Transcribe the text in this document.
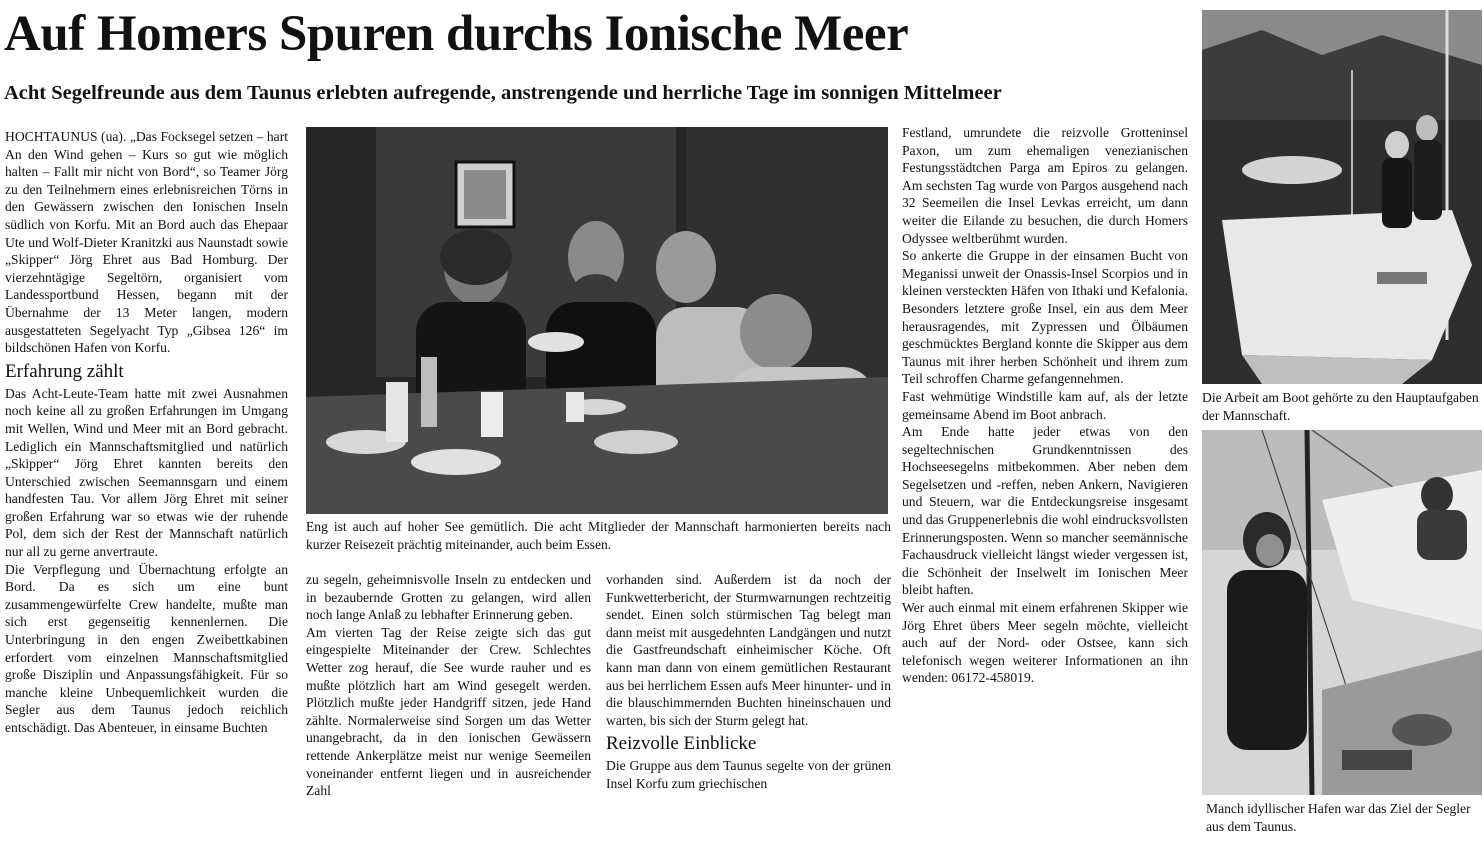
Auf Homers Spuren durchs Ionische Meer
Acht Segelfreunde aus dem Taunus erlebten aufregende, anstrengende und herrliche Tage im sonnigen Mittelmeer

HOCHTAUNUS (ua). „Das Focksegel setzen – hart An den Wind gehen – Kurs so gut wie möglich halten – Fallt mir nicht von Bord“, so Teamer Jörg zu den Teilnehmern eines erlebnisreichen Törns in den Gewässern zwischen den Ionischen Inseln südlich von Korfu. Mit an Bord auch das Ehepaar Ute und Wolf-Dieter Kranitzki aus Naunstadt sowie „Skipper“ Jörg Ehret aus Bad Homburg. Der vierzehntägige Segeltörn, organisiert vom Landessportbund Hessen, begann mit der Übernahme der 13 Meter langen, modern ausgestatteten Segelyacht Typ „Gibsea 126“ im bildschönen Hafen von Korfu.

Erfahrung zählt

Das Acht-Leute-Team hatte mit zwei Ausnahmen noch keine all zu großen Erfahrungen im Umgang mit Wellen, Wind und Meer mit an Bord gebracht. Lediglich ein Mannschaftsmitglied und natürlich „Skipper“ Jörg Ehret kannten bereits den Unterschied zwischen Seemannsgarn und einem handfesten Tau. Vor allem Jörg Ehret mit seiner großen Erfahrung war so etwas wie der ruhende Pol, dem sich der Rest der Mannschaft natürlich nur all zu gerne anvertraute.

Die Verpflegung und Übernachtung erfolgte an Bord. Da es sich um eine bunt zusammengewürfelte Crew handelte, mußte man sich erst gegenseitig kennenlernen. Die Unterbringung in den engen Zweibettkabinen erfordert vom einzelnen Mannschaftsmitglied große Disziplin und Anpassungsfähigkeit. Für so manche kleine Unbequemlichkeit wurden die Segler aus dem Taunus jedoch reichlich entschädigt. Das Abenteuer, in einsame Buchten

Eng ist auch auf hoher See gemütlich. Die acht Mitglieder der Mannschaft harmonierten bereits nach kurzer Reisezeit prächtig miteinander, auch beim Essen.

zu segeln, geheimnisvolle Inseln zu entdecken und in bezaubernde Grotten zu gelangen, wird allen noch lange Anlaß zu lebhafter Erinnerung geben.

Am vierten Tag der Reise zeigte sich das gut eingespielte Miteinander der Crew. Schlechtes Wetter zog herauf, die See wurde rauher und es mußte plötzlich hart am Wind gesegelt werden. Plötzlich mußte jeder Handgriff sitzen, jede Hand zählte. Normalerweise sind Sorgen um das Wetter unangebracht, da in den ionischen Gewässern rettende Ankerplätze meist nur wenige Seemeilen voneinander entfernt liegen und in ausreichender Zahl

vorhanden sind. Außerdem ist da noch der Funkwetterbericht, der Sturmwarnungen rechtzeitig sendet. Einen solch stürmischen Tag belegt man dann meist mit ausgedehnten Landgängen und nutzt die Gastfreundschaft einheimischer Köche. Oft kann man dann von einem gemütlichen Restaurant aus bei herrlichem Essen aufs Meer hinunter- und in die blauschimmernden Buchten hineinschauen und warten, bis sich der Sturm gelegt hat.

Reizvolle Einblicke

Die Gruppe aus dem Taunus segelte von der grünen Insel Korfu zum griechischen

Festland, umrundete die reizvolle Grotteninsel Paxon, um zum ehemaligen venezianischen Festungsstädtchen Parga am Epiros zu gelangen. Am sechsten Tag wurde von Pargos ausgehend nach 32 Seemeilen die Insel Levkas erreicht, um dann weiter die Eilande zu besuchen, die durch Homers Odyssee weltberühmt wurden.

So ankerte die Gruppe in der einsamen Bucht von Meganissi unweit der Onassis-Insel Scorpios und in kleinen versteckten Häfen von Ithaki und Kefalonia. Besonders letztere große Insel, ein aus dem Meer herausragendes, mit Zypressen und Ölbäumen geschmücktes Bergland konnte die Skipper aus dem Taunus mit ihrer herben Schönheit und ihrem zum Teil schroffen Charme gefangennehmen.

Fast wehmütige Windstille kam auf, als der letzte gemeinsame Abend im Boot anbrach.

Am Ende hatte jeder etwas von den segeltechnischen Grundkenntnissen des Hochseesegelns mitbekommen. Aber neben dem Segelsetzen und -reffen, neben Ankern, Navigieren und Steuern, war die Entdeckungsreise insgesamt und das Gruppenerlebnis die wohl eindrucksvollsten Erinnerungsposten. Wenn so mancher seemännische Fachausdruck vielleicht längst wieder vergessen ist, die Schönheit der Inselwelt im Ionischen Meer bleibt haften.

Wer auch einmal mit einem erfahrenen Skipper wie Jörg Ehret übers Meer segeln möchte, vielleicht auch auf der Nord- oder Ostsee, kann sich telefonisch wegen weiterer Informationen an ihn wenden: 06172-458019.

Die Arbeit am Boot gehörte zu den Hauptaufgaben der Mannschaft.
Manch idyllischer Hafen war das Ziel der Segler aus dem Taunus.
